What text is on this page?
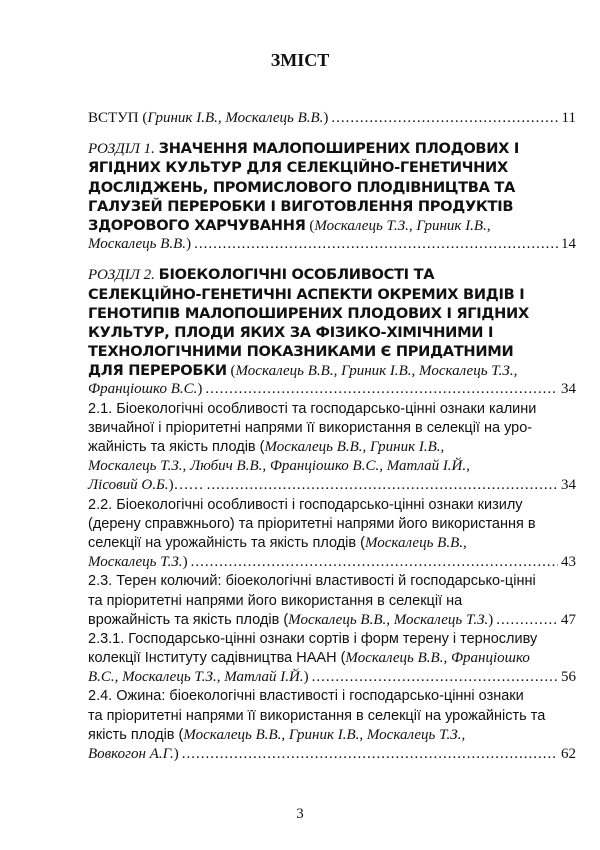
ЗМІСТ
ВСТУП ( Гриник І.В., Москалець В.В. ) .....	11
РОЗДІЛ 1. ЗНАЧЕННЯ МАЛОПОШИРЕНИХ ПЛОДОВИХ І
ЯГІДНИХ КУЛЬТУР ДЛЯ СЕЛЕКЦІЙНО-ГЕНЕТИЧНИХ
ДОСЛІДЖЕНЬ, ПРОМИСЛОВОГО ПЛОДІВНИЦТВА ТА
ГАЛУЗЕЙ ПЕРЕРОБКИ І ВИГОТОВЛЕННЯ ПРОДУКТІВ
ЗДОРОВОГО ХАРЧУВАННЯ ( Москалець Т.З., Гриник І.В.,
Москалець В.В. ) .....	14
РОЗДІЛ 2. БІОЕКОЛОГІЧНІ ОСОБЛИВОСТІ ТА
СЕЛЕКЦІЙНО-ГЕНЕТИЧНІ АСПЕКТИ ОКРЕМИХ ВИДІВ І
ГЕНОТИПІВ МАЛОПОШИРЕНИХ ПЛОДОВИХ І ЯГІДНИХ
КУЛЬТУР, ПЛОДИ ЯКИХ ЗА ФІЗИКО-ХІМІЧНИМИ І
ТЕХНОЛОГІЧНИМИ ПОКАЗНИКАМИ Є ПРИДАТНИМИ
ДЛЯ ПЕРЕРОБКИ ( Москалець В.В., Гриник І.В., Москалець Т.З.,
Франціошко В.С. ) .....	34
2.1. Біоекологічні особливості та господарсько-цінні ознаки калини
звичайної і пріоритетні напрями її використання в селекції на уро-
жайність та якість плодів ( Москалець В.В., Гриник І.В.,
Москалець Т.З., Любич В.В., Франціошко В.С., Матлай І.Й.,
Лісовий О.Б. )…… .....	34
2.2. Біоекологічні особливості і господарсько-цінні ознаки кизилу
(дерену справжнього) та пріоритетні напрями його використання в
селекції на урожайність та якість плодів ( Москалець В.В.,
Москалець Т.З. ) .....	43
2.3. Терен колючий: біоекологічні властивості й господарсько-цінні
та пріоритетні напрями його використання в селекції на
врожайність та якість плодів ( Москалець В.В., Москалець Т.З. ) .....	47
2.3.1. Господарсько-цінні ознаки сортів і форм терену і терносливу
колекції Інституту садівництва НААН ( Москалець В.В., Франціошко
В.С., Москалець Т.З., Матлай І.Й. ) .....	56
2.4. Ожина: біоекологічні властивості і господарсько-цінні ознаки
та пріоритетні напрями її використання в селекції на урожайність та
якість плодів ( Москалець В.В., Гриник І.В., Москалець Т.З.,
Вовкогон А.Г. ) .....	62
3
